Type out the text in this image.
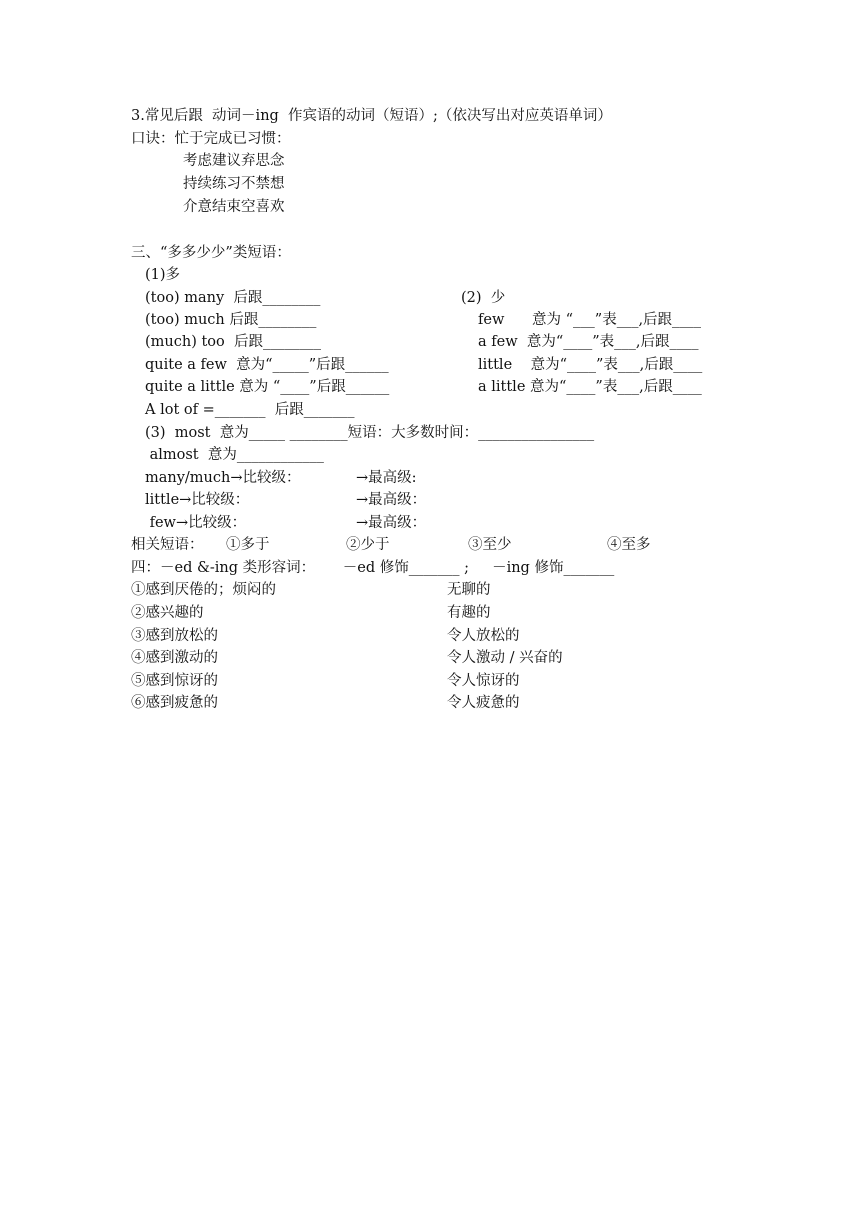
3.常见后跟  动词－ing  作宾语的动词（短语）;（依决写出对应英语单词）
口诀：忙于完成已习惯：
考虑建议弃思念
持续练习不禁想
介意结束空喜欢
三、“多多少少”类短语：
(1)多
(too) many  后跟________
(too) much 后跟________
(much) too  后跟________
quite a few  意为“_____”后跟______
quite a little 意为 “____”后跟______
A lot of =_______  后跟_______
(2)  少
few      意为 “___”表___,后跟____
a few  意为“____”表___,后跟____
little    意为“____”表___,后跟____
a little 意为“____”表___,后跟____
(3)  most  意为_____ ________短语：大多数时间：________________
almost  意为____________
many/much→比较级：	→最高级:
little→比较级：	→最高级：
few→比较级：	→最高级：
相关短语： ①多于	②少于	③至少	④至多
四：－ed &-ing 类形容词：      －ed 修饰_______ ;     －ing 修饰_______
①感到厌倦的；烦闷的	无聊的
②感兴趣的	有趣的
③感到放松的	令人放松的
④感到激动的	令人激动 / 兴奋的
⑤感到惊讶的	令人惊讶的
⑥感到疲惫的	令人疲惫的
